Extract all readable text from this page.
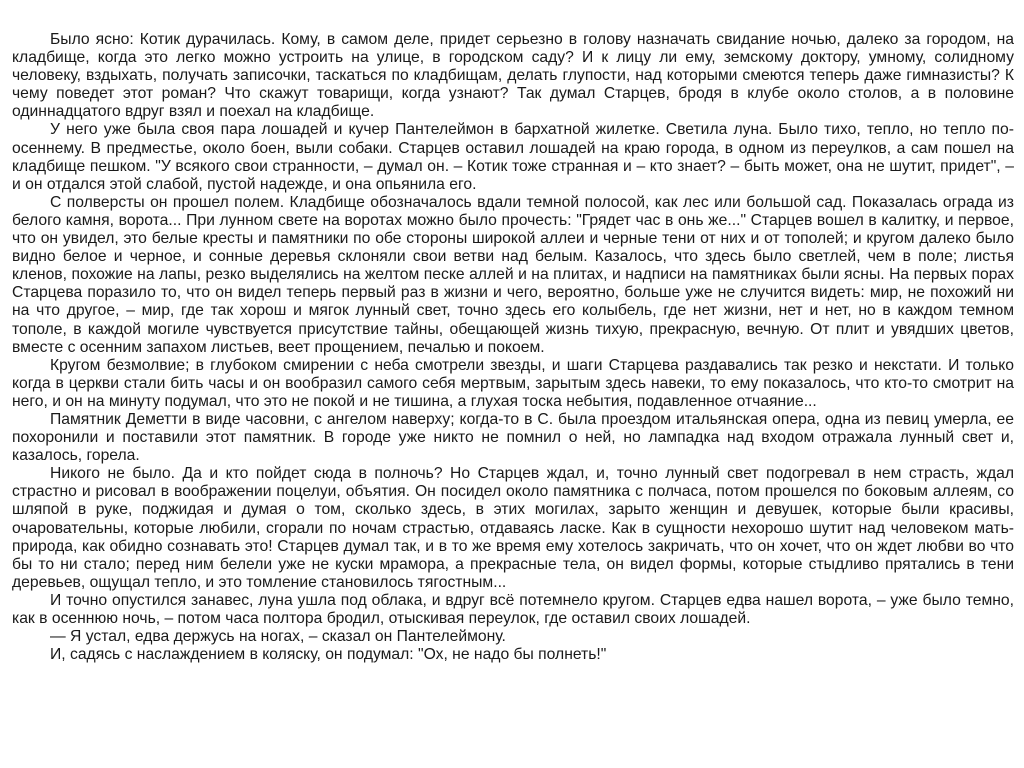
Было ясно: Котик дурачилась. Кому, в самом деле, придет серьезно в голову назначать свидание ночью, далеко за городом, на кладбище, когда это легко можно устроить на улице, в городском саду? И к лицу ли ему, земскому доктору, умному, солидному человеку, вздыхать, получать записочки, таскаться по кладбищам, делать глупости, над которыми смеются теперь даже гимназисты? К чему поведет этот роман? Что скажут товарищи, когда узнают? Так думал Старцев, бродя в клубе около столов, а в половине одиннадцатого вдруг взял и поехал на кладбище.

У него уже была своя пара лошадей и кучер Пантелеймон в бархатной жилетке. Светила луна. Было тихо, тепло, но тепло по-осеннему. В предместье, около боен, выли собаки. Старцев оставил лошадей на краю города, в одном из переулков, а сам пошел на кладбище пешком. "У всякого свои странности, – думал он. – Котик тоже странная и – кто знает? – быть может, она не шутит, придет", – и он отдался этой слабой, пустой надежде, и она опьянила его.

С полверсты он прошел полем. Кладбище обозначалось вдали темной полосой, как лес или большой сад. Показалась ограда из белого камня, ворота... При лунном свете на воротах можно было прочесть: "Грядет час в онь же..." Старцев вошел в калитку, и первое, что он увидел, это белые кресты и памятники по обе стороны широкой аллеи и черные тени от них и от тополей; и кругом далеко было видно белое и черное, и сонные деревья склоняли свои ветви над белым. Казалось, что здесь было светлей, чем в поле; листья кленов, похожие на лапы, резко выделялись на желтом песке аллей и на плитах, и надписи на памятниках были ясны. На первых порах Старцева поразило то, что он видел теперь первый раз в жизни и чего, вероятно, больше уже не случится видеть: мир, не похожий ни на что другое, – мир, где так хорош и мягок лунный свет, точно здесь его колыбель, где нет жизни, нет и нет, но в каждом темном тополе, в каждой могиле чувствуется присутствие тайны, обещающей жизнь тихую, прекрасную, вечную. От плит и увядших цветов, вместе с осенним запахом листьев, веет прощением, печалью и покоем.

Кругом безмолвие; в глубоком смирении с неба смотрели звезды, и шаги Старцева раздавались так резко и некстати. И только когда в церкви стали бить часы и он вообразил самого себя мертвым, зарытым здесь навеки, то ему показалось, что кто-то смотрит на него, и он на минуту подумал, что это не покой и не тишина, а глухая тоска небытия, подавленное отчаяние...

Памятник Деметти в виде часовни, с ангелом наверху; когда-то в С. была проездом итальянская опера, одна из певиц умерла, ее похоронили и поставили этот памятник. В городе уже никто не помнил о ней, но лампадка над входом отражала лунный свет и, казалось, горела.

Никого не было. Да и кто пойдет сюда в полночь? Но Старцев ждал, и, точно лунный свет подогревал в нем страсть, ждал страстно и рисовал в воображении поцелуи, объятия. Он посидел около памятника с полчаса, потом прошелся по боковым аллеям, со шляпой в руке, поджидая и думая о том, сколько здесь, в этих могилах, зарыто женщин и девушек, которые были красивы, очаровательны, которые любили, сгорали по ночам страстью, отдаваясь ласке. Как в сущности нехорошо шутит над человеком мать-природа, как обидно сознавать это! Старцев думал так, и в то же время ему хотелось закричать, что он хочет, что он ждет любви во что бы то ни стало; перед ним белели уже не куски мрамора, а прекрасные тела, он видел формы, которые стыдливо прятались в тени деревьев, ощущал тепло, и это томление становилось тягостным...

И точно опустился занавес, луна ушла под облака, и вдруг всё потемнело кругом. Старцев едва нашел ворота, – уже было темно, как в осеннюю ночь, – потом часа полтора бродил, отыскивая переулок, где оставил своих лошадей.

— Я устал, едва держусь на ногах, – сказал он Пантелеймону.

И, садясь с наслаждением в коляску, он подумал: "Ох, не надо бы полнеть!"
